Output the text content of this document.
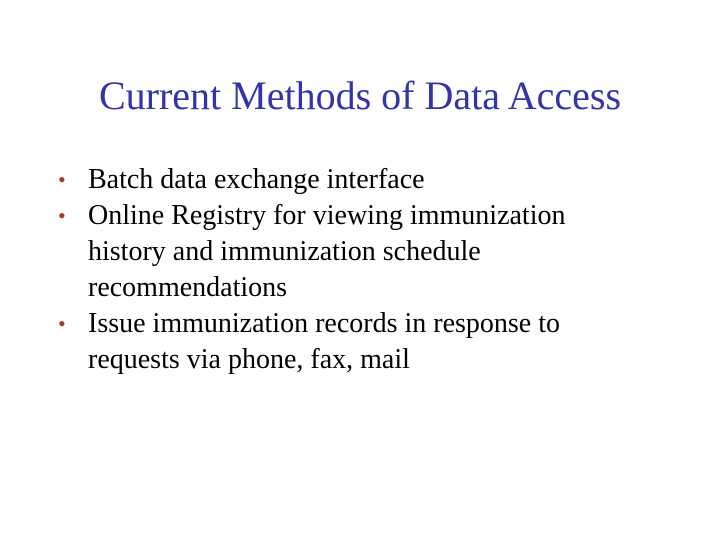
Current Methods of Data Access
• Batch data exchange interface
• Online Registry for viewing immunization
history and immunization schedule
recommendations
• Issue immunization records in response to
requests via phone, fax, mail
